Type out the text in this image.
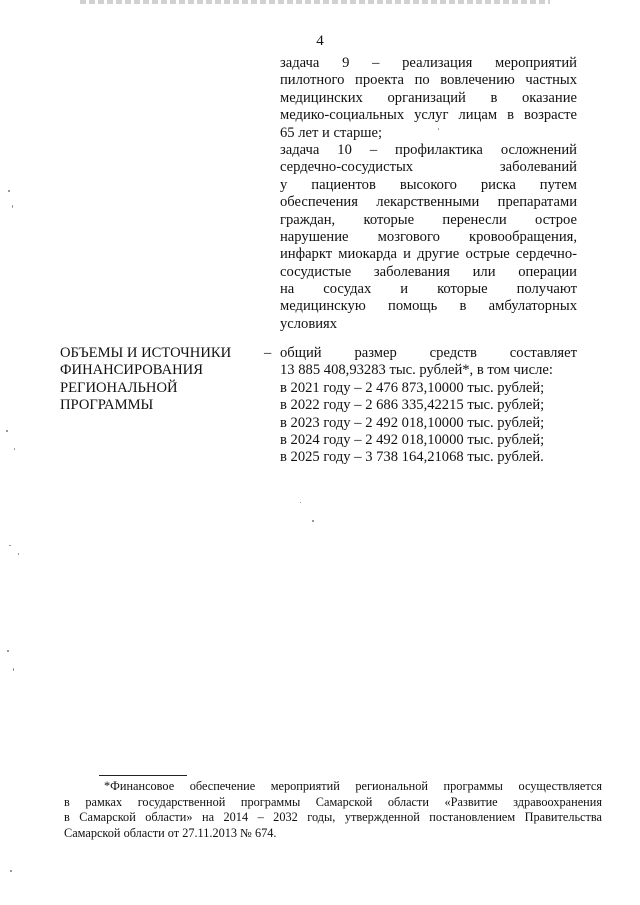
4
задача 9 – реализация мероприятий
пилотного проекта по вовлечению частных
медицинских организаций в оказание
медико-социальных услуг лицам в возрасте
65 лет и старше;
задача 10 – профилактика осложнений
сердечно-сосудистых заболеваний
у пациентов высокого риска путем
обеспечения лекарственными препаратами
граждан, которые перенесли острое
нарушение мозгового кровообращения,
инфаркт миокарда и другие острые сердечно-
сосудистые заболевания или операции
на сосудах и которые получают
медицинскую помощь в амбулаторных
условиях
ОБЪЕМЫ И ИСТОЧНИКИ
ФИНАНСИРОВАНИЯ
РЕГИОНАЛЬНОЙ
ПРОГРАММЫ
– общий размер средств составляет
13 885 408,93283 тыс. рублей*, в том числе:
в 2021 году – 2 476 873,10000 тыс. рублей;
в 2022 году – 2 686 335,42215 тыс. рублей;
в 2023 году – 2 492 018,10000 тыс. рублей;
в 2024 году – 2 492 018,10000 тыс. рублей;
в 2025 году – 3 738 164,21068 тыс. рублей.
*Финансовое обеспечение мероприятий региональной программы осуществляется
в рамках государственной программы Самарской области «Развитие здравоохранения
в Самарской области» на 2014 – 2032 годы, утвержденной постановлением Правительства
Самарской области от 27.11.2013 № 674.
